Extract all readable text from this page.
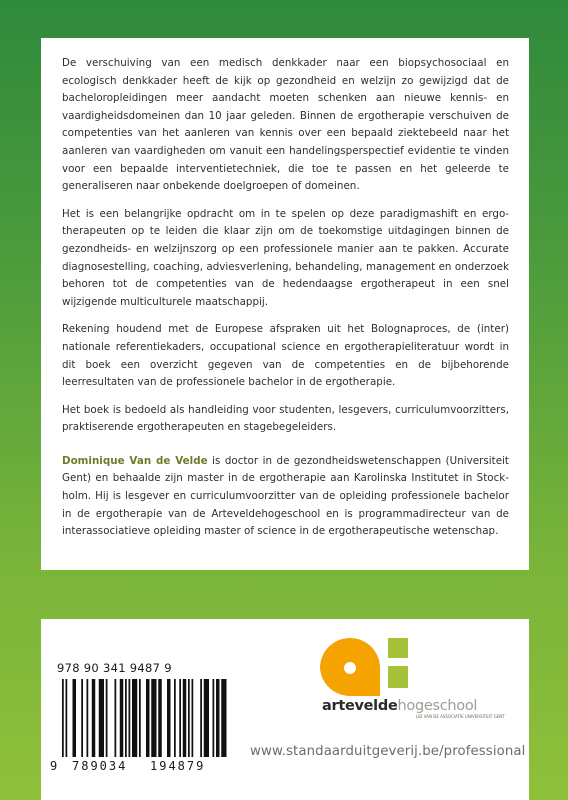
De verschuiving van een medisch denkkader naar een biopsychosociaal en ecologisch denkkader heeft de kijk op gezondheid en welzijn zo gewijzigd dat de bacheloropleidingen meer aandacht moeten schenken aan nieuwe kennis- en vaardigheidsdomeinen dan 10 jaar geleden. Binnen de ergotherapie verschuiven de competenties van het aanleren van kennis over een bepaald ziektebeeld naar het aanleren van vaardigheden om vanuit een handelingsperspectief evidentie te vinden voor een bepaalde interventietechniek, die toe te passen en het geleerde te generaliseren naar onbekende doelgroepen of domeinen.

Het is een belangrijke opdracht om in te spelen op deze paradigmashift en ergotherapeuten op te leiden die klaar zijn om de toekomstige uitdagingen binnen de gezondheids- en welzijnszorg op een professionele manier aan te pakken. Accurate diagnosestelling, coaching, adviesverlening, behandeling, management en onderzoek behoren tot de competenties van de hedendaagse ergotherapeut in een snel wijzigende multiculturele maatschappij.

Rekening houdend met de Europese afspraken uit het Bolognaproces, de (inter) nationale referentiekaders, occupational science en ergotherapieliteratuur wordt in dit boek een overzicht gegeven van de competenties en de bijbehorende leerresultaten van de professionele bachelor in de ergotherapie.

Het boek is bedoeld als handleiding voor studenten, lesgevers, curriculumvoorzitters, praktiserende ergotherapeuten en stagebegeleiders.

Dominique Van de Velde is doctor in de gezondheidswetenschappen (Universiteit Gent) en behaalde zijn master in de ergotherapie aan Karolinska Institutet in Stockholm. Hij is lesgever en curriculumvoorzitter van de opleiding professionele bachelor in de ergotherapie van de Arteveldehogeschool en is programmadirecteur van de interassociatieve opleiding master of science in de ergotherapeutische wetenschap.

978 90 341 9487 9
9 789034 194879
arteveldehogeschool
LID VAN DE ASSOCIATIE UNIVERSITEIT GENT
www.standaarduitgeverij.be/professional
